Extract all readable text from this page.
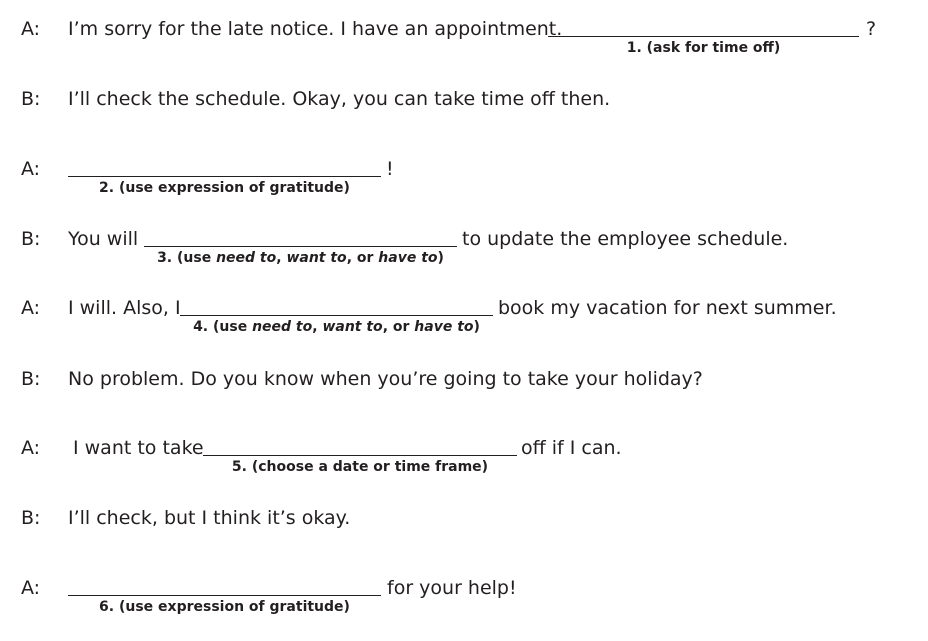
A: I’m sorry for the late notice. I have an appointment.	?
1. (ask for time off)
B: I’ll check the schedule. Okay, you can take time off then.
A:	!
2. (use expression of gratitude)
B: You will	to update the employee schedule.
3. (use need to, want to, or have to)
A: I will. Also, I	book my vacation for next summer.
4. (use need to, want to, or have to)
B: No problem. Do you know when you’re going to take your holiday?
A: I want to take	off if I can.
5. (choose a date or time frame)
B: I’ll check, but I think it’s okay.
A:	for your help!
6. (use expression of gratitude)
